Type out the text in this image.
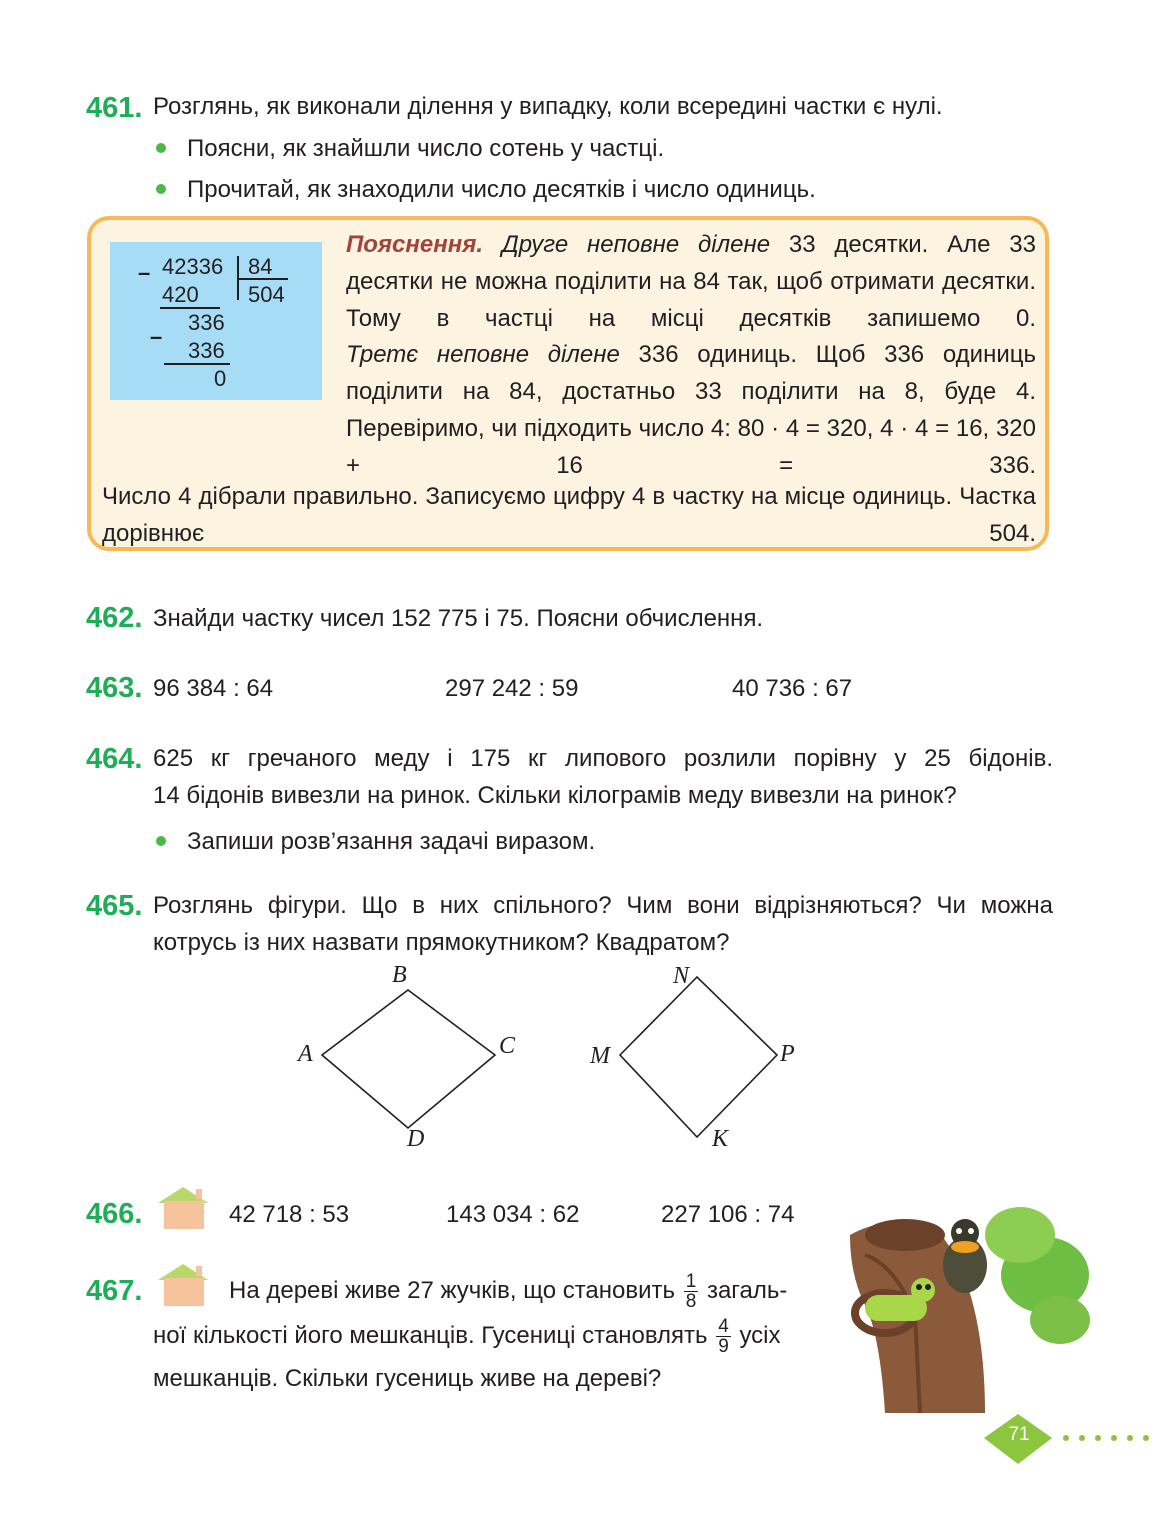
461. Розглянь, як виконали ділення у випадку, коли всередині частки є нулі.
Поясни, як знайшли число сотень у частці.
Прочитай, як знаходили число десятків і число одиниць.
– 42336 84
420 504
336
–
336
0
Пояснення. Друге неповне ділене 33 десятки. Але 33 десятки не можна поділити на 84 так, щоб отримати десятки. Тому в частці на місці десятків запишемо 0.
Третє неповне ділене 336 одиниць. Щоб 336 одиниць поділити на 84, достатньо 33 поділити на 8, буде 4. Перевіримо, чи підходить число 4: 80 · 4 = 320, 4 · 4 = 16, 320 + 16 = 336.
Число 4 дібрали правильно. Записуємо цифру 4 в частку на місце одиниць. Частка дорівнює 504.
462. Знайди частку чисел 152 775 і 75. Поясни обчислення.
463. 96 384 : 64	297 242 : 59	40 736 : 67
464. 625 кг гречаного меду і 175 кг липового розлили порівну у 25 бідонів.
14 бідонів вивезли на ринок. Скільки кілограмів меду вивезли на ринок?
Запиши розв’язання задачі виразом.
465. Розглянь фігури. Що в них спільного? Чим вони відрізняються? Чи можна
котрусь із них назвати прямокутником? Квадратом?
A
B
C
D
M
N
P
K
466.	42 718 : 53	143 034 : 62	227 106 : 74
467.	На дереві живе 27 жучків, що становить $\frac{1}{8}$ загаль-
ної кількості його мешканців. Гусениці становлять $\frac{4}{9}$ усіх
мешканців. Скільки гусениць живе на дереві?
71
